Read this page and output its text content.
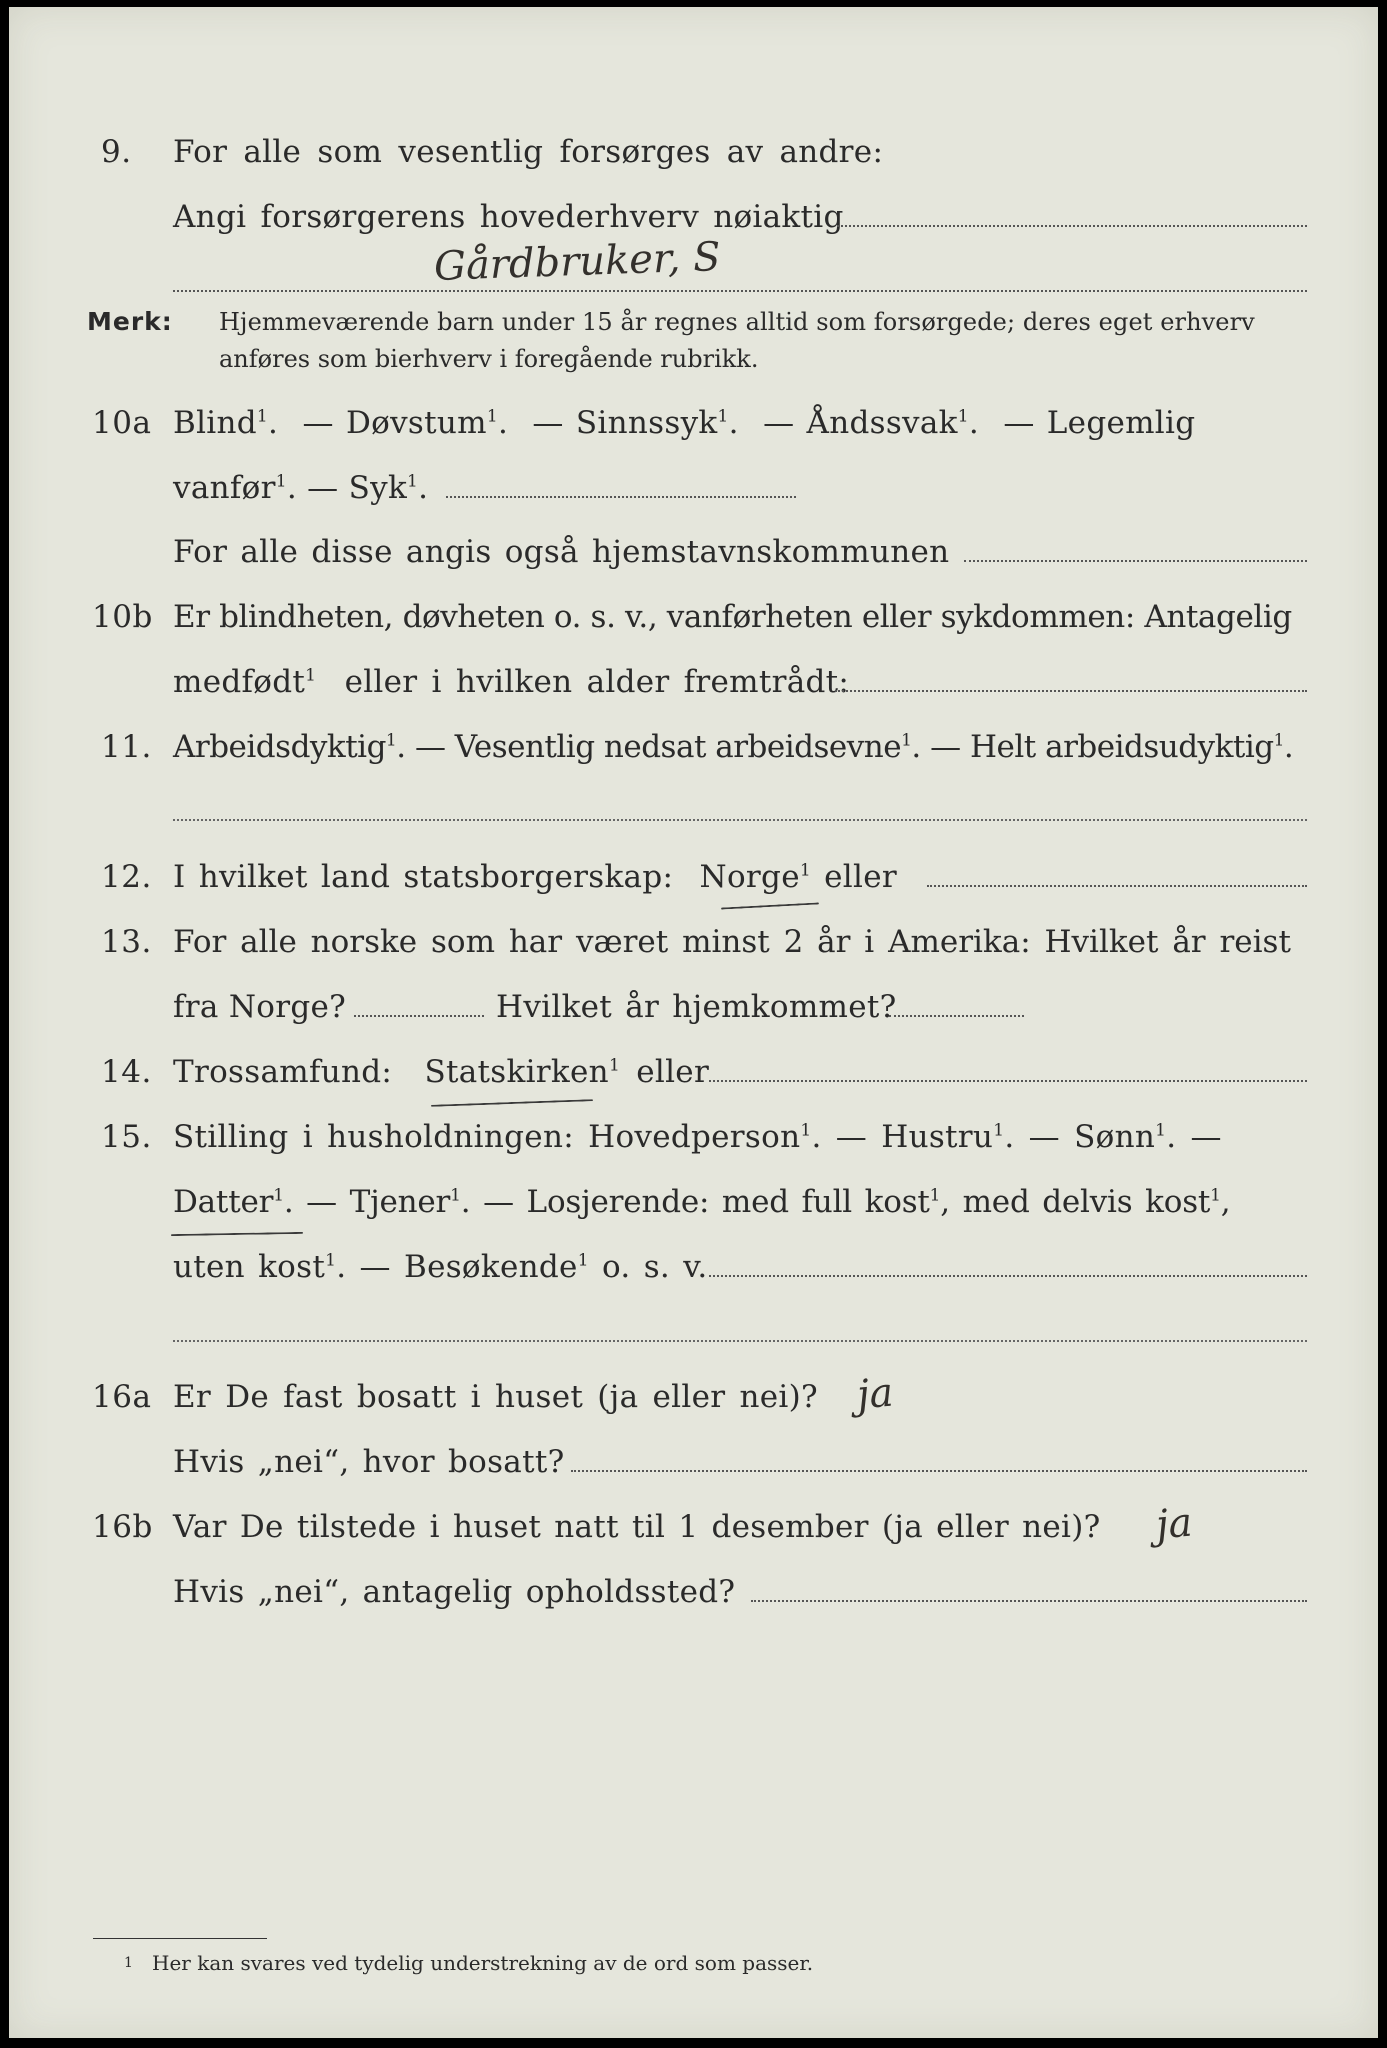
9. For alle som vesentlig forsørges av andre:
Angi forsørgerens hovederhverv nøiaktig
Gårdbruker, S
Merk: Hjemmeværende barn under 15 år regnes alltid som forsørgede; deres eget erhverv
anføres som bierhverv i foregående rubrikk.
10a Blind$^1$.  — Døvstum$^1$.  — Sinnssyk$^1$.  — Åndssvak$^1$.  — Legemlig
vanfør$^1$. — Syk$^1$.
For alle disse angis også hjemstavnskommunen
10b Er blindheten, døvheten o. s. v., vanførheten eller sykdommen: Antagelig
medfødt$^1$ eller i hvilken alder fremtrådt:
11. Arbeidsdyktig$^1$. — Vesentlig nedsat arbeidsevne$^1$. — Helt arbeidsudyktig$^1$.
12. I hvilket land statsborgerskap: Norge$^1$ eller
13. For alle norske som har været minst 2 år i Amerika: Hvilket år reist
fra Norge?	Hvilket år hjemkommet?
14. Trossamfund: Statskirken$^1$ eller
15. Stilling i husholdningen: Hovedperson$^1$. — Hustru$^1$. — Sønn$^1$. —
Datter$^1$. — Tjener$^1$. — Losjerende: med full kost$^1$, med delvis kost$^1$,
uten kost$^1$. — Besøkende$^1$ o. s. v.
16a Er De fast bosatt i huset (ja eller nei)? ja
Hvis „nei“, hvor bosatt?
16b Var De tilstede i huset natt til 1 desember (ja eller nei)? ja
Hvis „nei“, antagelig opholdssted?
1 Her kan svares ved tydelig understrekning av de ord som passer.
